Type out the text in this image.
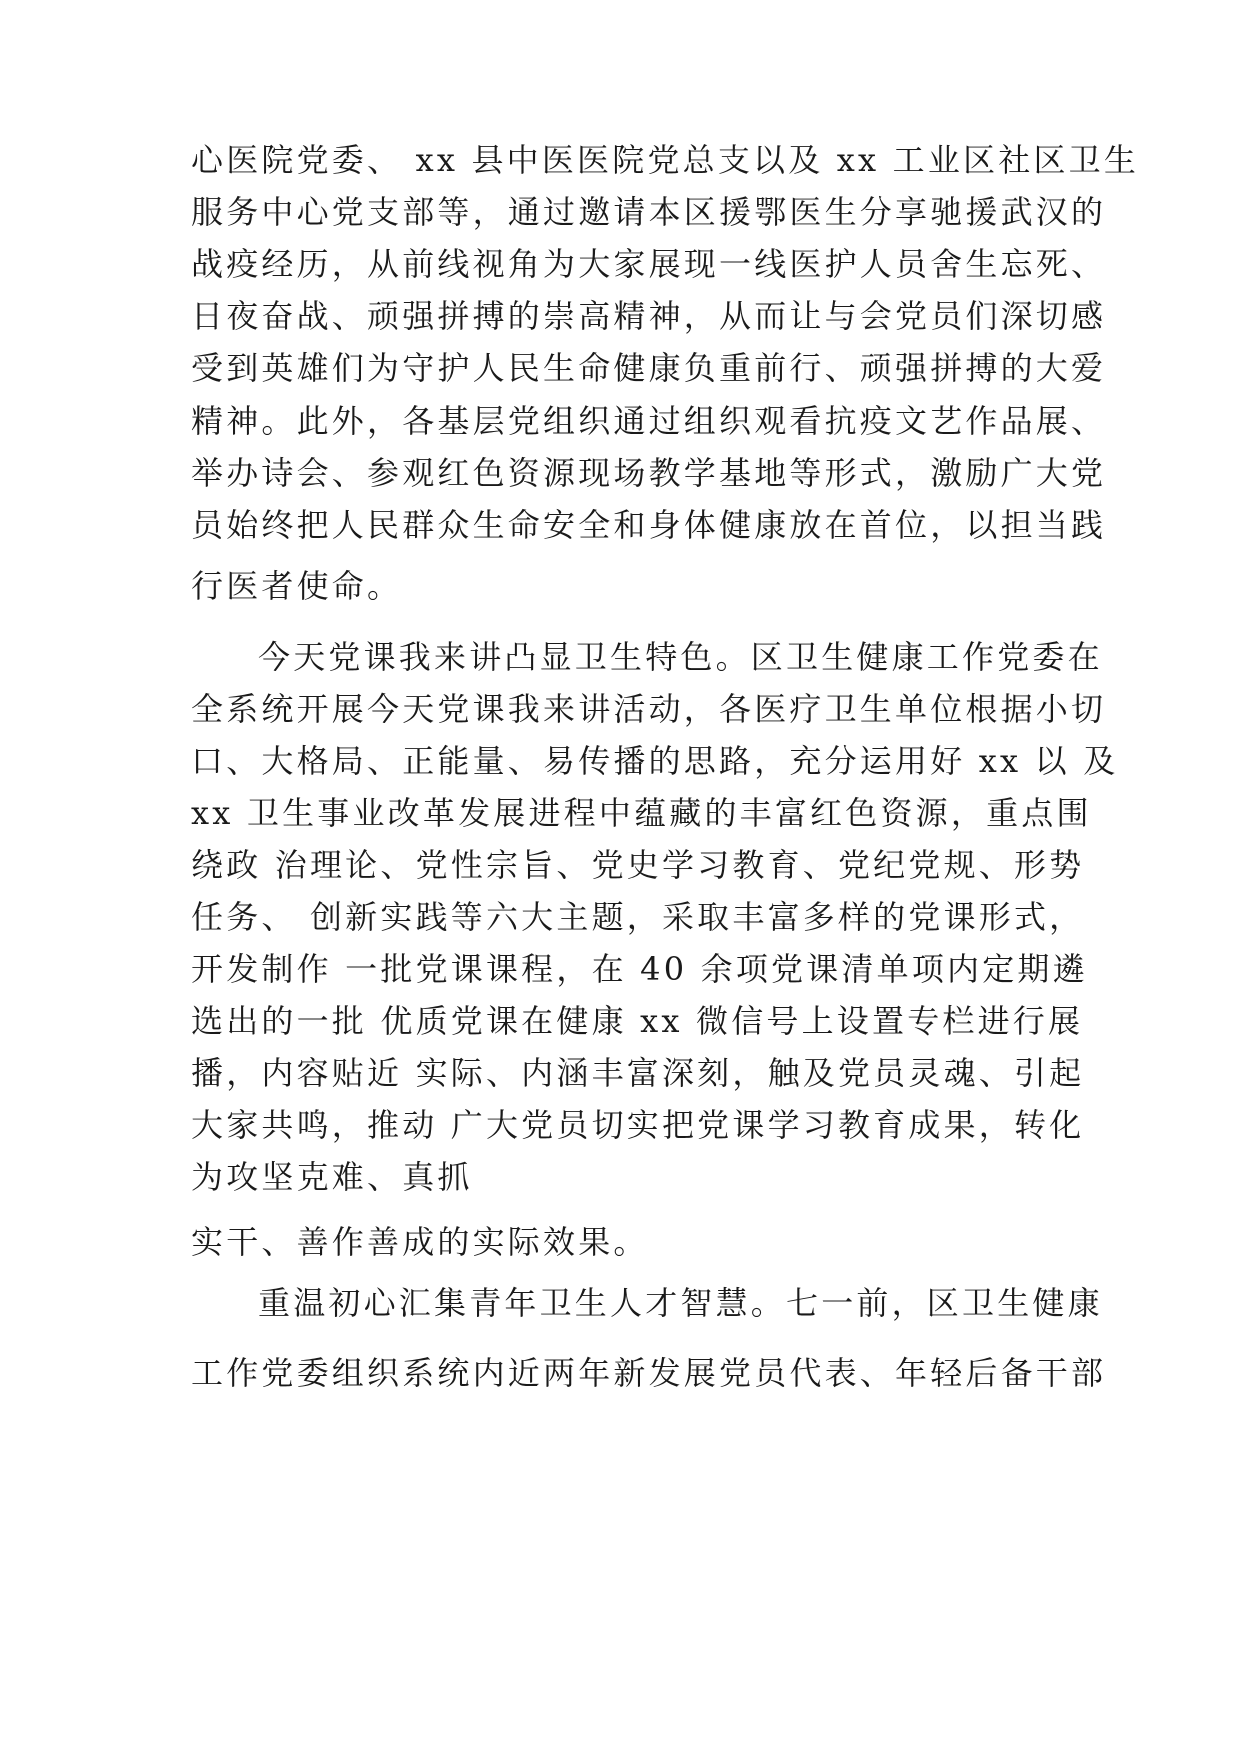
心医院党委、 xx 县中医医院党总支以及 xx 工业区社区卫生
服务中心党支部等，通过邀请本区援鄂医生分享驰援武汉的
战疫经历，从前线视角为大家展现一线医护人员舍生忘死、
日夜奋战、顽强拼搏的崇高精神，从而让与会党员们深切感
受到英雄们为守护人民生命健康负重前行、顽强拼搏的大爱
精神。此外，各基层党组织通过组织观看抗疫文艺作品展、
举办诗会、参观红色资源现场教学基地等形式，激励广大党
员始终把人民群众生命安全和身体健康放在首位，以担当践
行医者使命。
今天党课我来讲凸显卫生特色。区卫生健康工作党委在
全系统开展今天党课我来讲活动，各医疗卫生单位根据小切
口、大格局、正能量、易传播的思路，充分运用好 xx 以 及
xx 卫生事业改革发展进程中蕴藏的丰富红色资源，重点围
绕政 治理论、党性宗旨、党史学习教育、党纪党规、形势
任务、 创新实践等六大主题，采取丰富多样的党课形式，
开发制作 一批党课课程，在 40 余项党课清单项内定期遴
选出的一批 优质党课在健康 xx 微信号上设置专栏进行展
播，内容贴近 实际、内涵丰富深刻，触及党员灵魂、引起
大家共鸣，推动 广大党员切实把党课学习教育成果，转化
为攻坚克难、真抓
实干、善作善成的实际效果。
重温初心汇集青年卫生人才智慧。七一前，区卫生健康
工作党委组织系统内近两年新发展党员代表、年轻后备干部
